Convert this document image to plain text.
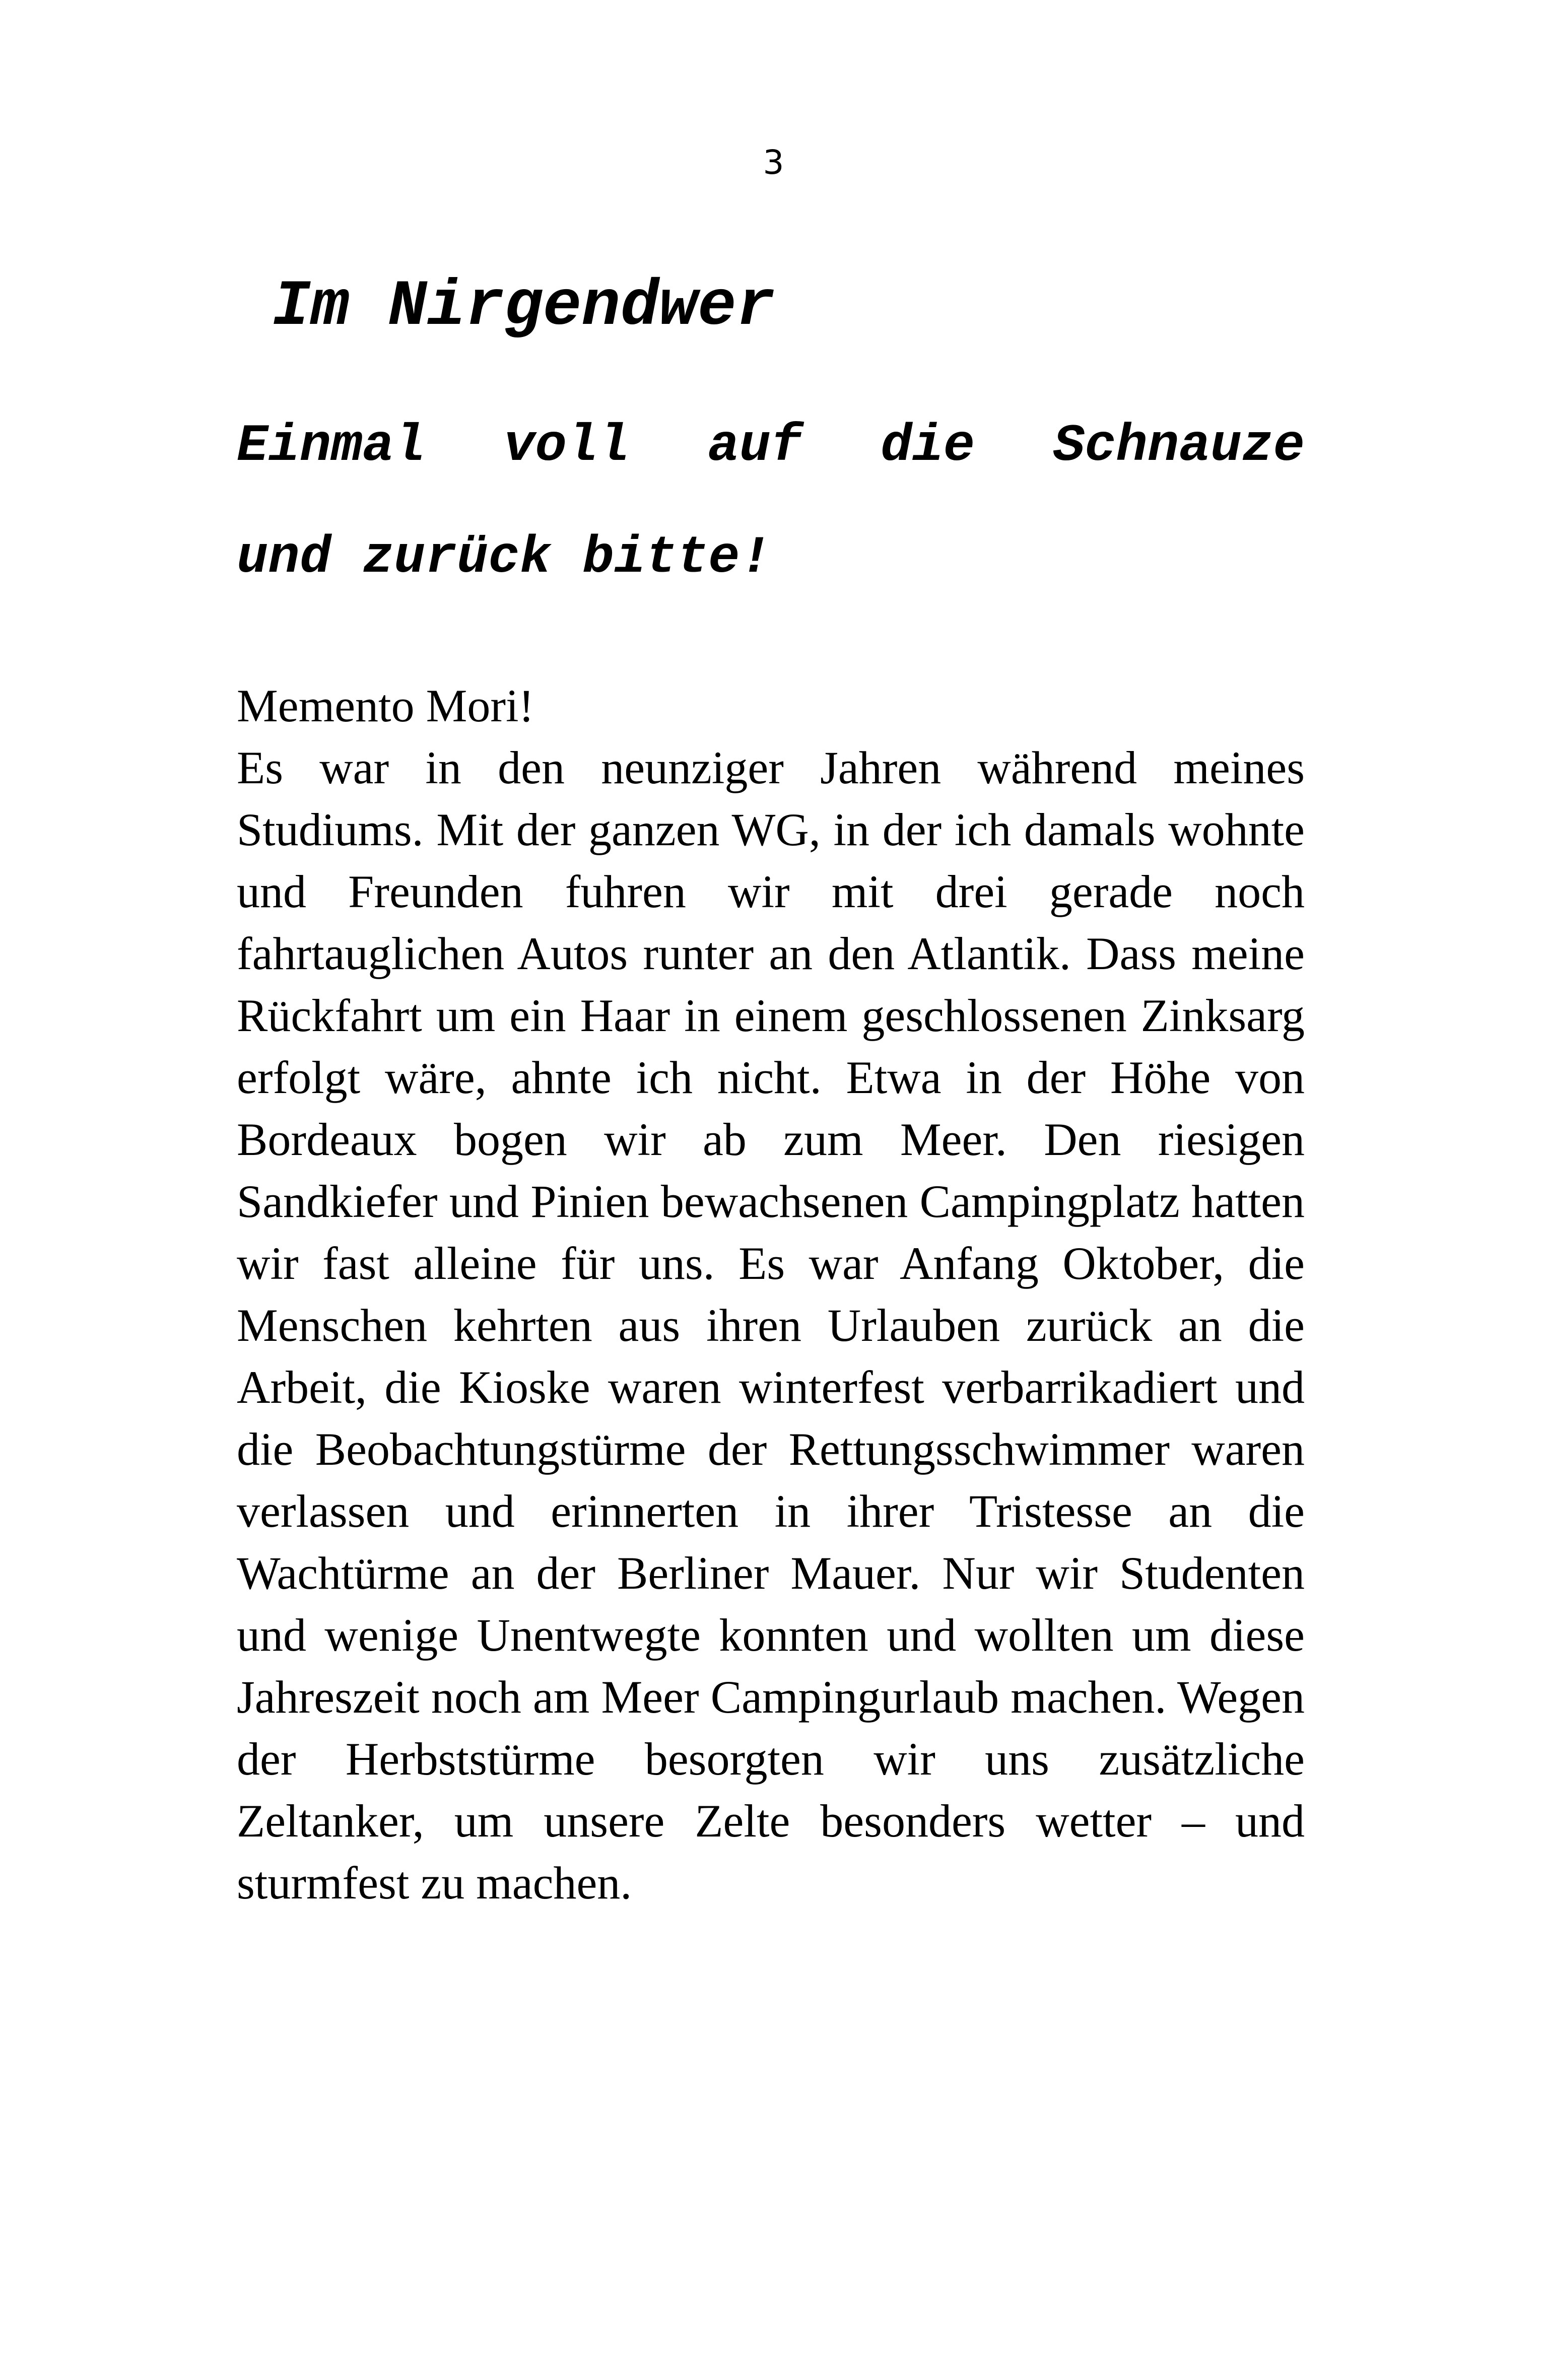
3
Im Nirgendwer
Einmal voll auf die Schnauze
und zurück bitte!

Memento Mori!

Es war in den neunziger Jahren während meines Studiums. Mit der ganzen WG, in der ich damals wohnte und Freunden fuhren wir mit drei gerade noch fahrtauglichen Autos runter an den Atlantik. Dass meine Rückfahrt um ein Haar in einem geschlossenen Zinksarg erfolgt wäre, ahnte ich nicht. Etwa in der Höhe von Bordeaux bogen wir ab zum Meer. Den riesigen Sandkiefer und Pinien bewachsenen Campingplatz hatten wir fast alleine für uns. Es war Anfang Oktober, die Menschen kehrten aus ihren Urlauben zurück an die Arbeit, die Kioske waren winterfest verbarrikadiert und die Beobachtungstürme der Rettungsschwimmer waren verlassen und erinnerten in ihrer Tristesse an die Wachtürme an der Berliner Mauer. Nur wir Studenten und wenige Unentwegte konnten und wollten um diese Jahreszeit noch am Meer Campingurlaub machen. Wegen der Herbststürme besorgten wir uns zusätzliche Zeltanker, um unsere Zelte besonders wetter – und sturmfest zu machen.
